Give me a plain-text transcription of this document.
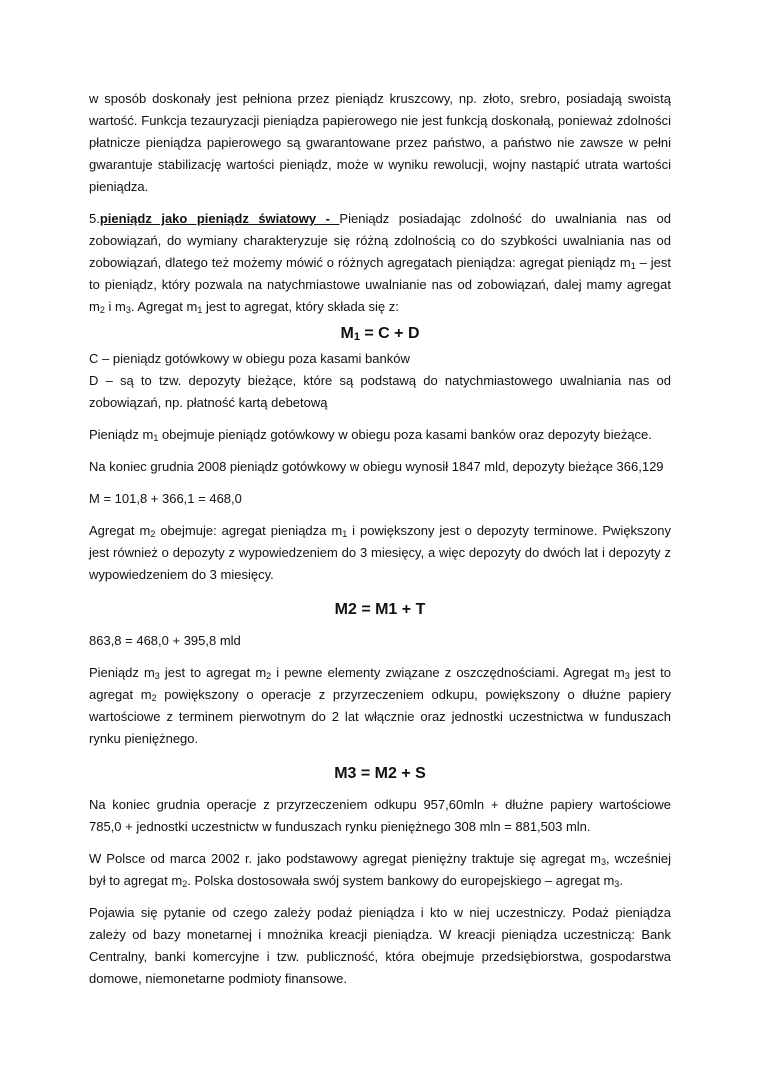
w sposób doskonały jest pełniona przez pieniądz kruszcowy, np. złoto, srebro, posiadają swoistą wartość. Funkcja tezauryzacji pieniądza papierowego nie jest funkcją doskonałą, ponieważ zdolności płatnicze pieniądza papierowego są gwarantowane przez państwo, a państwo nie zawsze w pełni gwarantuje stabilizację wartości pieniądz, może w wyniku rewolucji, wojny nastąpić utrata wartości pieniądza.

5.pieniądz jako pieniądz światowy - Pieniądz posiadając zdolność do uwalniania nas od zobowiązań, do wymiany charakteryzuje się różną zdolnością co do szybkości uwalniania nas od zobowiązań, dlatego też możemy mówić o różnych agregatach pieniądza: agregat pieniądz $m_1$ – jest to pieniądz, który pozwala na natychmiastowe uwalnianie nas od zobowiązań, dalej mamy agregat $m_2$ i $m_3$. Agregat $m_1$ jest to agregat, który składa się z:

$M_1 = C + D$

C – pieniądz gotówkowy w obiegu poza kasami banków

D – są to tzw. depozyty bieżące, które są podstawą do natychmiastowego uwalniania nas od zobowiązań, np. płatność kartą debetową

Pieniądz $m_1$ obejmuje pieniądz gotówkowy w obiegu poza kasami banków oraz depozyty bieżące.

Na koniec grudnia 2008 pieniądz gotówkowy w obiegu wynosił 1847 mld, depozyty bieżące 366,129

M = 101,8 + 366,1 = 468,0

Agregat $m_2$ obejmuje: agregat pieniądza $m_1$ i powiększony jest o depozyty terminowe. Pwiększony jest również o depozyty z wypowiedzeniem do 3 miesięcy, a więc depozyty do dwóch lat i depozyty z wypowiedzeniem do 3 miesięcy.

M2 = M1 + T

863,8 = 468,0 + 395,8 mld

Pieniądz $m_3$ jest to agregat $m_2$ i pewne elementy związane z oszczędnościami. Agregat $m_3$ jest to agregat $m_2$ powiększony o operacje z przyrzeczeniem odkupu, powiększony o dłużne papiery wartościowe z terminem pierwotnym do 2 lat włącznie oraz jednostki uczestnictwa w funduszach rynku pieniężnego.

M3 = M2 + S

Na koniec grudnia operacje z przyrzeczeniem odkupu 957,60mln + dłużne papiery wartościowe 785,0 + jednostki uczestnictw w funduszach rynku pieniężnego 308 mln = 881,503 mln.

W Polsce od marca 2002 r. jako podstawowy agregat pieniężny traktuje się agregat $m_3$, wcześniej był to agregat $m_2$. Polska dostosowała swój system bankowy do europejskiego – agregat $m_3$.

Pojawia się pytanie od czego zależy podaż pieniądza i kto w niej uczestniczy. Podaż pieniądza zależy od bazy monetarnej i mnożnika kreacji pieniądza. W kreacji pieniądza uczestniczą: Bank Centralny, banki komercyjne i tzw. publiczność, która obejmuje przedsiębiorstwa, gospodarstwa domowe, niemonetarne podmioty finansowe.
